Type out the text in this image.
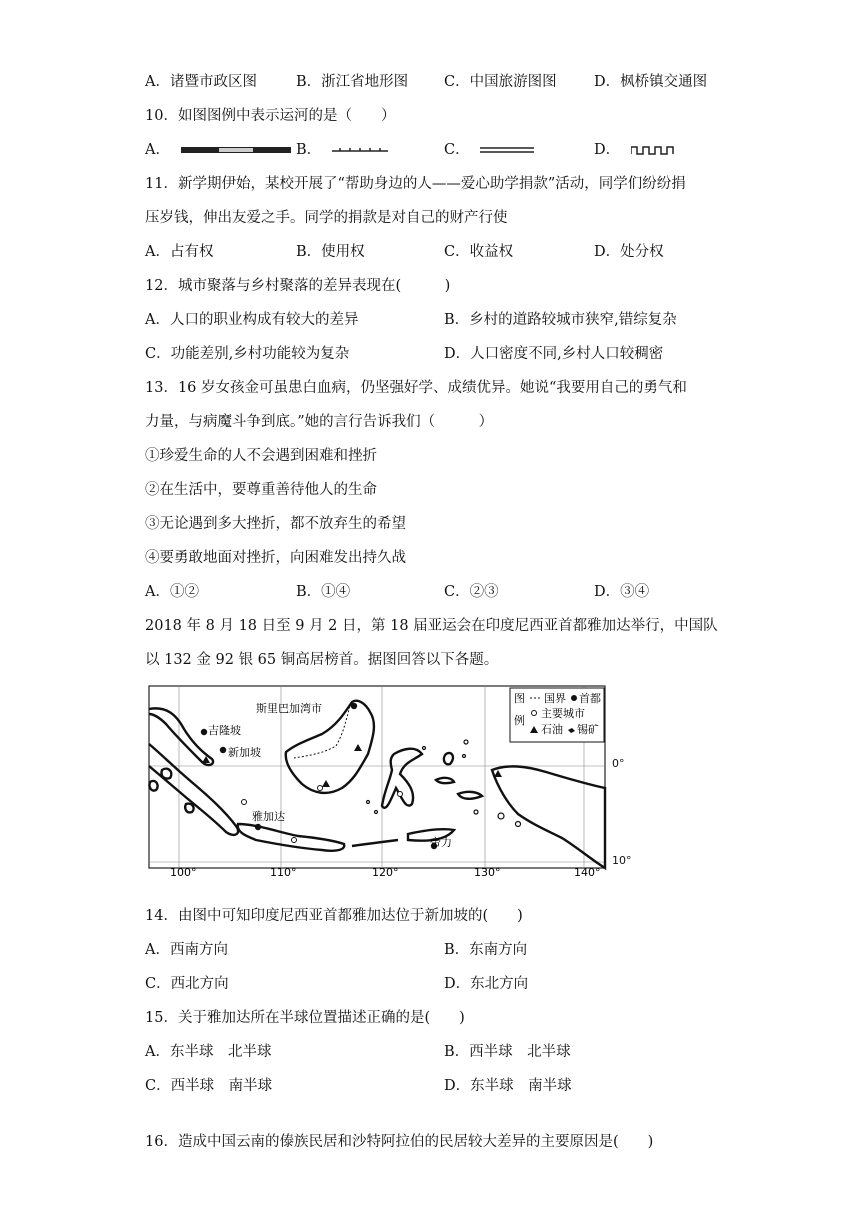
A．诸暨市政区图	B．浙江省地形图 C．中国旅游图图	D．枫桥镇交通图
10．如图图例中表示运河的是（　　）
A．	B．	C．	D．
11．新学期伊始，某校开展了“帮助身边的人——爱心助学捐款”活动，同学们纷纷捐
压岁钱，伸出友爱之手。同学的捐款是对自己的财产行使
A．占有权	B．使用权	C．收益权	D．处分权
12．城市聚落与乡村聚落的差异表现在(　　　)
A．人口的职业构成有较大的差异	B．乡村的道路较城市狭窄,错综复杂
C．功能差别,乡村功能较为复杂	D．人口密度不同,乡村人口较稠密
13．16 岁女孩金可虽患白血病，仍坚强好学、成绩优异。她说“我要用自己的勇气和
力量，与病魔斗争到底。”她的言行告诉我们（　　　）
①珍爱生命的人不会遇到困难和挫折
②在生活中，要尊重善待他人的生命
③无论遇到多大挫折，都不放弃生的希望
④要勇敢地面对挫折，向困难发出持久战
A．①②	B．①④	C．②③	D．③④
2018 年 8 月 18 日至 9 月 2 日，第 18 届亚运会在印度尼西亚首都雅加达举行，中国队
以 132 金 92 银 65 铜高居榜首。据图回答以下各题。
斯里巴加湾市
吉隆坡
新加坡
雅加达
帝力
图
例
国界 首都
主要城市
石油 锡矿
100°	110°	120°	130°	140°
0°
10°
14．由图中可知印度尼西亚首都雅加达位于新加坡的(　　)
A．西南方向	B．东南方向
C．西北方向	D．东北方向
15．关于雅加达所在半球位置描述正确的是(　　)
A．东半球　北半球	B．西半球　北半球
C．西半球　南半球	D．东半球　南半球
16．造成中国云南的傣族民居和沙特阿拉伯的民居较大差异的主要原因是(　　)
